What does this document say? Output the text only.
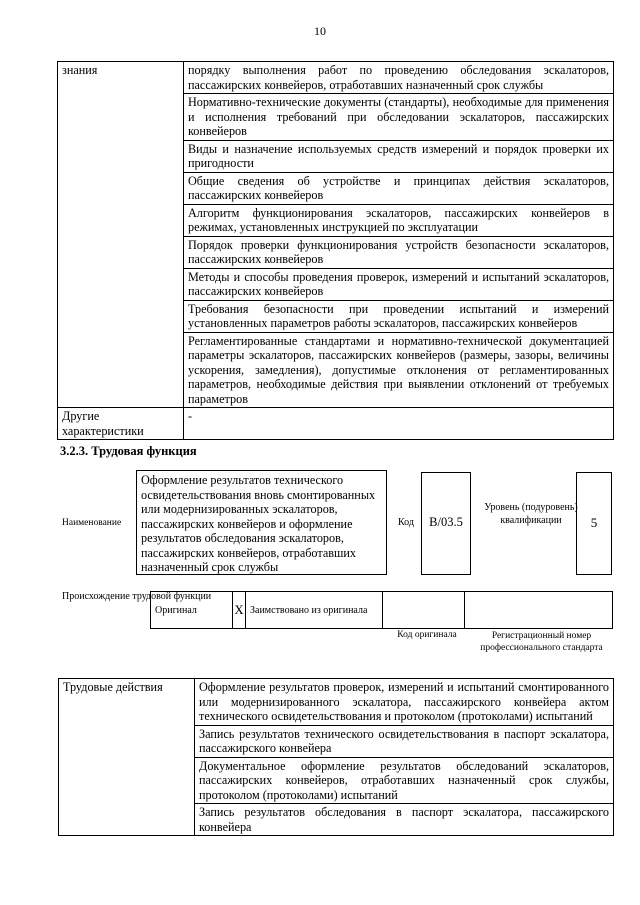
10
знания	порядку выполнения работ по проведению обследования эскалаторов, пассажирских конвейеров, отработавших назначенный срок службы
	Нормативно-технические документы (стандарты), необходимые для применения и исполнения требований при обследовании эскалаторов, пассажирских конвейеров
	Виды и назначение используемых средств измерений и порядок проверки их пригодности
	Общие сведения об устройстве и принципах действия эскалаторов, пассажирских конвейеров
	Алгоритм функционирования эскалаторов, пассажирских конвейеров в режимах, установленных инструкцией по эксплуатации
	Порядок проверки функционирования устройств безопасности эскалаторов, пассажирских конвейеров
	Методы и способы проведения проверок, измерений и испытаний эскалаторов, пассажирских конвейеров
	Требования безопасности при проведении испытаний и измерений установленных параметров работы эскалаторов, пассажирских конвейеров
	Регламентированные стандартами и нормативно-технической документацией параметры эскалаторов, пассажирских конвейеров (размеры, зазоры, величины ускорения, замедления), допустимые отклонения от регламентированных параметров, необходимые действия при выявлении отклонений от требуемых параметров
Другие характеристики	-
3.2.3. Трудовая функция
Наименование
Оформление результатов технического освидетельствования вновь смонтированных или модернизированных эскалаторов, пассажирских конвейеров и оформление результатов обследования эскалаторов, пассажирских конвейеров, отработавших назначенный срок службы
Код	B/03.5
Уровень (подуровень) квалификации	5
Происхождение трудовой функции
Оригинал	X	Заимствовано из оригинала		
Код оригинала	Регистрационный номер профессионального стандарта
Трудовые действия	Оформление результатов проверок, измерений и испытаний смонтированного или модернизированного эскалатора, пассажирского конвейера актом технического освидетельствования и протоколом (протоколами) испытаний
Запись результатов технического освидетельствования в паспорт эскалатора, пассажирского конвейера
Документальное оформление результатов обследований эскалаторов, пассажирских конвейеров, отработавших назначенный срок службы, протоколом (протоколами) испытаний
Запись результатов обследования в паспорт эскалатора, пассажирского конвейера
